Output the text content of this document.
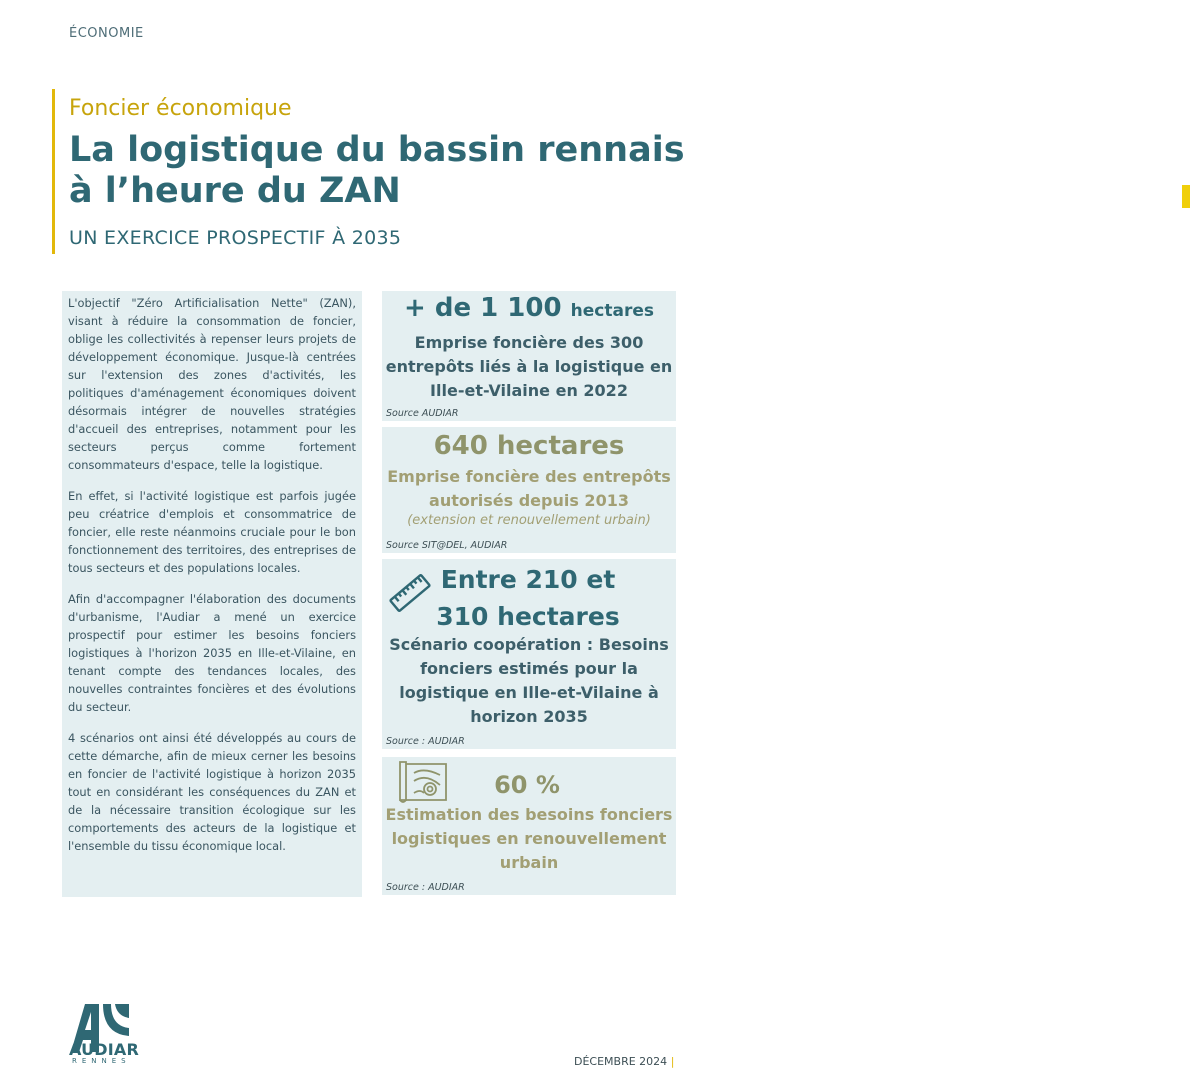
ÉCONOMIE
Foncier économique
La logistique du bassin rennais
à l’heure du ZAN
UN EXERCICE PROSPECTIF À 2035

L'objectif "Zéro Artificialisation Nette" (ZAN), visant à réduire la consommation de foncier, oblige les collectivités à repenser leurs projets de développement économique. Jusque-là centrées sur l'extension des zones d'activités, les politiques d'aménagement économiques doivent désormais intégrer de nouvelles stratégies d'accueil des entreprises, notamment pour les secteurs perçus comme fortement consommateurs d'espace, telle la logistique.

En effet, si l'activité logistique est parfois jugée peu créatrice d'emplois et consommatrice de foncier, elle reste néanmoins cruciale pour le bon fonctionnement des territoires, des entreprises de tous secteurs et des populations locales.

Afin d'accompagner l'élaboration des documents d'urbanisme, l'Audiar a mené un exercice prospectif pour estimer les besoins fonciers logistiques à l'horizon 2035 en Ille-et-Vilaine, en tenant compte des tendances locales, des nouvelles contraintes foncières et des évolutions du secteur.

4 scénarios ont ainsi été développés au cours de cette démarche, afin de mieux cerner les besoins en foncier de l'activité logistique à horizon 2035 tout en considérant les conséquences du ZAN et de la nécessaire transition écologique sur les comportements des acteurs de la logistique et l'ensemble du tissu économique local.

+ de 1 100 hectares
Emprise foncière des 300 entrepôts liés à la logistique en Ille-et-Vilaine en 2022
Source AUDIAR
640 hectares
Emprise foncière des entrepôts autorisés depuis 2013
(extension et renouvellement urbain)
Source SIT@DEL, AUDIAR
Entre 210 et
310 hectares
Scénario coopération : Besoins fonciers estimés pour la logistique en Ille-et-Vilaine à horizon 2035
Source : AUDIAR
60 %
Estimation des besoins fonciers logistiques en renouvellement urbain
Source : AUDIAR
AUDIAR
RENNES	DÉCEMBRE 2024 |
